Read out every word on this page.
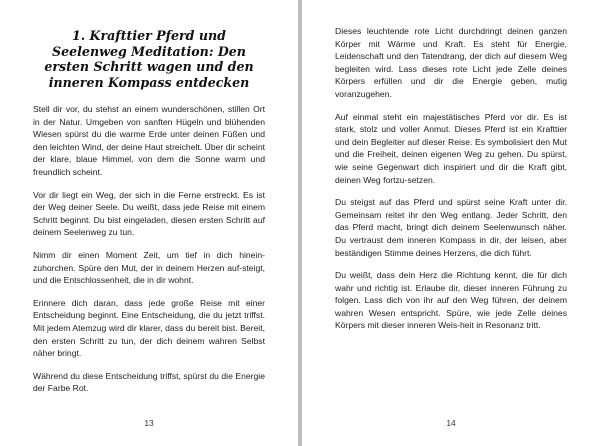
1. Krafttier Pferd und Seelenweg Meditation: Den ersten Schritt wagen und den inneren Kompass entdecken

Stell dir vor, du stehst an einem wunderschönen, stillen Ort in der Natur. Umgeben von sanften Hügeln und blühenden Wiesen spürst du die warme Erde unter deinen Füßen und den leichten Wind, der deine Haut streichelt. Über dir scheint der klare, blaue Himmel, von dem die Sonne warm und freundlich scheint.

Vor dir liegt ein Weg, der sich in die Ferne erstreckt. Es ist der Weg deiner Seele. Du weißt, dass jede Reise mit einem Schritt beginnt. Du bist eingeladen, diesen ersten Schritt auf deinem Seelenweg zu tun.

Nimm dir einen Moment Zeit, um tief in dich hinein-zuhorchen. Spüre den Mut, der in deinem Herzen auf-steigt, und die Entschlossenheit, die in dir wohnt.

Erinnere dich daran, dass jede große Reise mit einer Entscheidung beginnt. Eine Entscheidung, die du jetzt triffst. Mit jedem Atemzug wird dir klarer, dass du bereit bist. Bereit, den ersten Schritt zu tun, der dich deinem wahren Selbst näher bringt.

Während du diese Entscheidung triffst, spürst du die Energie der Farbe Rot.

13

Dieses leuchtende rote Licht durchdringt deinen ganzen Körper mit Wärme und Kraft. Es steht für Energie, Leidenschaft und den Tatendrang, der dich auf diesem Weg begleiten wird. Lass dieses rote Licht jede Zelle deines Körpers erfüllen und dir die Energie geben, mutig voranzugehen.

Auf einmal steht ein majestätisches Pferd vor dir. Es ist stark, stolz und voller Anmut. Dieses Pferd ist ein Krafttier und dein Begleiter auf dieser Reise. Es symbolisiert den Mut und die Freiheit, deinen eigenen Weg zu gehen. Du spürst, wie seine Gegenwart dich inspiriert und dir die Kraft gibt, deinen Weg fortzu-setzen.

Du steigst auf das Pferd und spürst seine Kraft unter dir. Gemeinsam reitet ihr den Weg entlang. Jeder Schritt, den das Pferd macht, bringt dich deinem Seelenwunsch näher. Du vertraust dem inneren Kompass in dir, der leisen, aber beständigen Stimme deines Herzens, die dich führt.

Du weißt, dass dein Herz die Richtung kennt, die für dich wahr und richtig ist. Erlaube dir, dieser inneren Führung zu folgen. Lass dich von ihr auf den Weg führen, der deinem wahren Wesen entspricht. Spüre, wie jede Zelle deines Körpers mit dieser inneren Weis-heit in Resonanz tritt.

14
